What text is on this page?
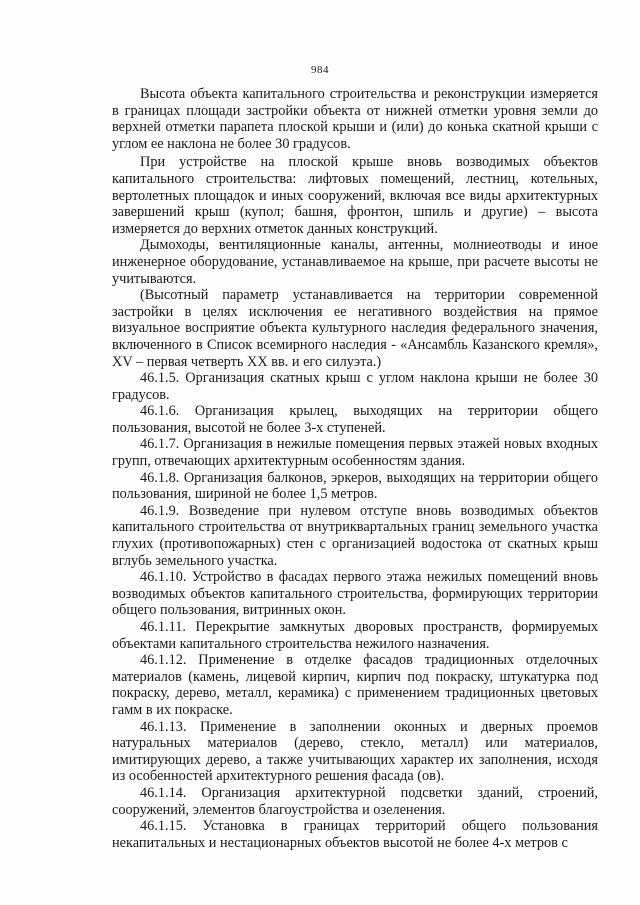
984

Высота объекта капитального строительства и реконструкции измеряется в границах площади застройки объекта от нижней отметки уровня земли до верхней отметки парапета плоской крыши и (или) до конька скатной крыши с углом ее наклона не более 30 градусов.

При устройстве на плоской крыше вновь возводимых объектов капитального строительства: лифтовых помещений, лестниц, котельных, вертолетных площадок и иных сооружений, включая все виды архитектурных завершений крыш (купол; башня, фронтон, шпиль и другие) – высота измеряется до верхних отметок данных конструкций.

Дымоходы, вентиляционные каналы, антенны, молниеотводы и иное инженерное оборудование, устанавливаемое на крыше, при расчете высоты не учитываются.

(Высотный параметр устанавливается на территории современной застройки в целях исключения ее негативного воздействия на прямое визуальное восприятие объекта культурного наследия федерального значения, включенного в Список всемирного наследия - «Ансамбль Казанского кремля», XV – первая четверть XX вв. и его силуэта.)

46.1.5. Организация скатных крыш с углом наклона крыши не более 30 градусов.

46.1.6. Организация крылец, выходящих на территории общего пользования, высотой не более 3-х ступеней.

46.1.7. Организация в нежилые помещения первых этажей новых входных групп, отвечающих архитектурным особенностям здания.

46.1.8. Организация балконов, эркеров, выходящих на территории общего пользования, шириной не более 1,5 метров.

46.1.9. Возведение при нулевом отступе вновь возводимых объектов капитального строительства от внутриквартальных границ земельного участка глухих (противопожарных) стен с организацией водостока от скатных крыш вглубь земельного участка.

46.1.10. Устройство в фасадах первого этажа нежилых помещений вновь возводимых объектов капитального строительства, формирующих территории общего пользования, витринных окон.

46.1.11. Перекрытие замкнутых дворовых пространств, формируемых объектами капитального строительства нежилого назначения.

46.1.12. Применение в отделке фасадов традиционных отделочных материалов (камень, лицевой кирпич, кирпич под покраску, штукатурка под покраску, дерево, металл, керамика) с применением традиционных цветовых гамм в их покраске.

46.1.13. Применение в заполнении оконных и дверных проемов натуральных материалов (дерево, стекло, металл) или материалов, имитирующих дерево, а также учитывающих характер их заполнения, исходя из особенностей архитектурного решения фасада (ов).

46.1.14. Организация архитектурной подсветки зданий, строений, сооружений, элементов благоустройства и озеленения.

46.1.15. Установка в границах территорий общего пользования некапитальных и нестационарных объектов высотой не более 4-х метров с
